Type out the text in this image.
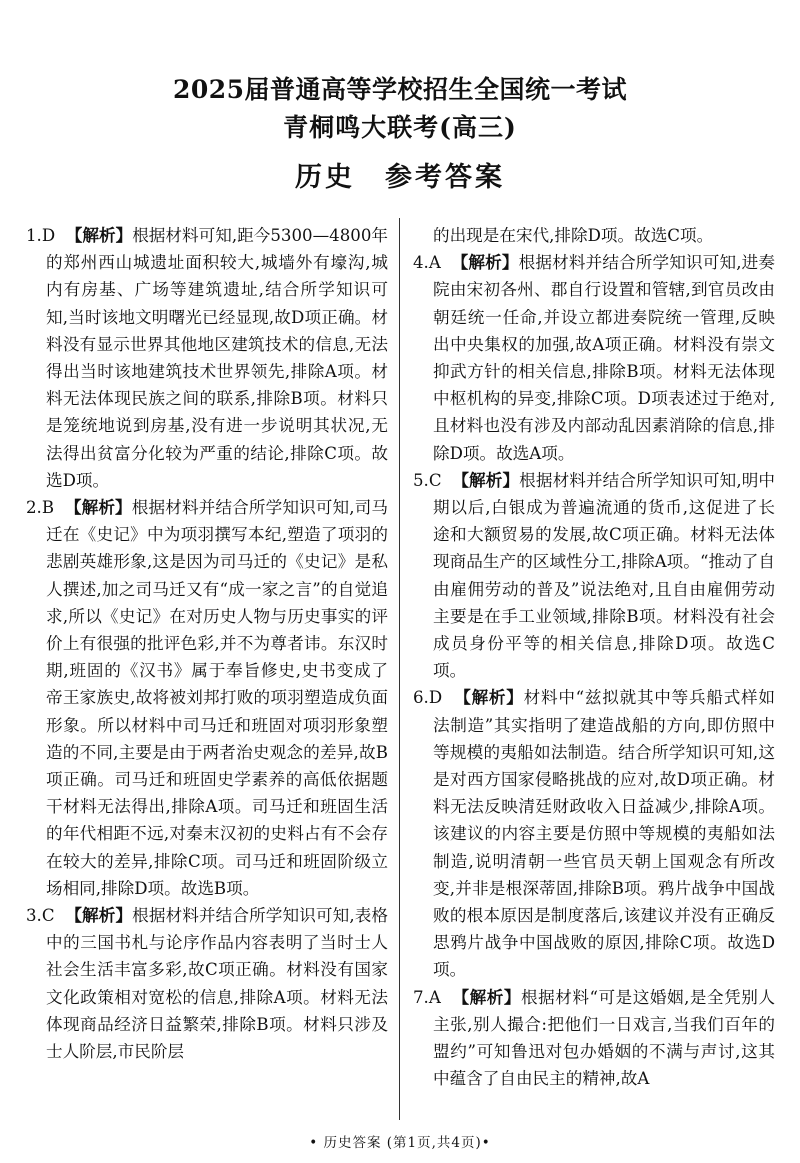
2025届普通高等学校招生全国统一考试
青桐鸣大联考(高三)
历史 参考答案

1.D 【解析】根据材料可知,距今5300—4800年的郑州西山城遗址面积较大,城墙外有壕沟,城内有房基、广场等建筑遗址,结合所学知识可知,当时该地文明曙光已经显现,故D项正确。材料没有显示世界其他地区建筑技术的信息,无法得出当时该地建筑技术世界领先,排除A项。材料无法体现民族之间的联系,排除B项。材料只是笼统地说到房基,没有进一步说明其状况,无法得出贫富分化较为严重的结论,排除C项。故选D项。

2.B 【解析】根据材料并结合所学知识可知,司马迁在《史记》中为项羽撰写本纪,塑造了项羽的悲剧英雄形象,这是因为司马迁的《史记》是私人撰述,加之司马迁又有“成一家之言”的自觉追求,所以《史记》在对历史人物与历史事实的评价上有很强的批评色彩,并不为尊者讳。东汉时期,班固的《汉书》属于奉旨修史,史书变成了帝王家族史,故将被刘邦打败的项羽塑造成负面形象。所以材料中司马迁和班固对项羽形象塑造的不同,主要是由于两者治史观念的差异,故B项正确。司马迁和班固史学素养的高低依据题干材料无法得出,排除A项。司马迁和班固生活的年代相距不远,对秦末汉初的史料占有不会存在较大的差异,排除C项。司马迁和班固阶级立场相同,排除D项。故选B项。

3.C 【解析】根据材料并结合所学知识可知,表格中的三国书札与论序作品内容表明了当时士人社会生活丰富多彩,故C项正确。材料没有国家文化政策相对宽松的信息,排除A项。材料无法体现商品经济日益繁荣,排除B项。材料只涉及士人阶层,市民阶层

的出现是在宋代,排除D项。故选C项。

4.A 【解析】根据材料并结合所学知识可知,进奏院由宋初各州、郡自行设置和管辖,到官员改由朝廷统一任命,并设立都进奏院统一管理,反映出中央集权的加强,故A项正确。材料没有崇文抑武方针的相关信息,排除B项。材料无法体现中枢机构的异变,排除C项。D项表述过于绝对,且材料也没有涉及内部动乱因素消除的信息,排除D项。故选A项。

5.C 【解析】根据材料并结合所学知识可知,明中期以后,白银成为普遍流通的货币,这促进了长途和大额贸易的发展,故C项正确。材料无法体现商品生产的区域性分工,排除A项。“推动了自由雇佣劳动的普及”说法绝对,且自由雇佣劳动主要是在手工业领域,排除B项。材料没有社会成员身份平等的相关信息,排除D项。故选C项。

6.D 【解析】材料中“兹拟就其中等兵船式样如法制造”其实指明了建造战船的方向,即仿照中等规模的夷船如法制造。结合所学知识可知,这是对西方国家侵略挑战的应对,故D项正确。材料无法反映清廷财政收入日益减少,排除A项。该建议的内容主要是仿照中等规模的夷船如法制造,说明清朝一些官员天朝上国观念有所改变,并非是根深蒂固,排除B项。鸦片战争中国战败的根本原因是制度落后,该建议并没有正确反思鸦片战争中国战败的原因,排除C项。故选D项。

7.A 【解析】根据材料“可是这婚姻,是全凭别人主张,别人撮合:把他们一日戏言,当我们百年的盟约”可知鲁迅对包办婚姻的不满与声讨,这其中蕴含了自由民主的精神,故A

• 历史答案 (第1页,共4页)•
